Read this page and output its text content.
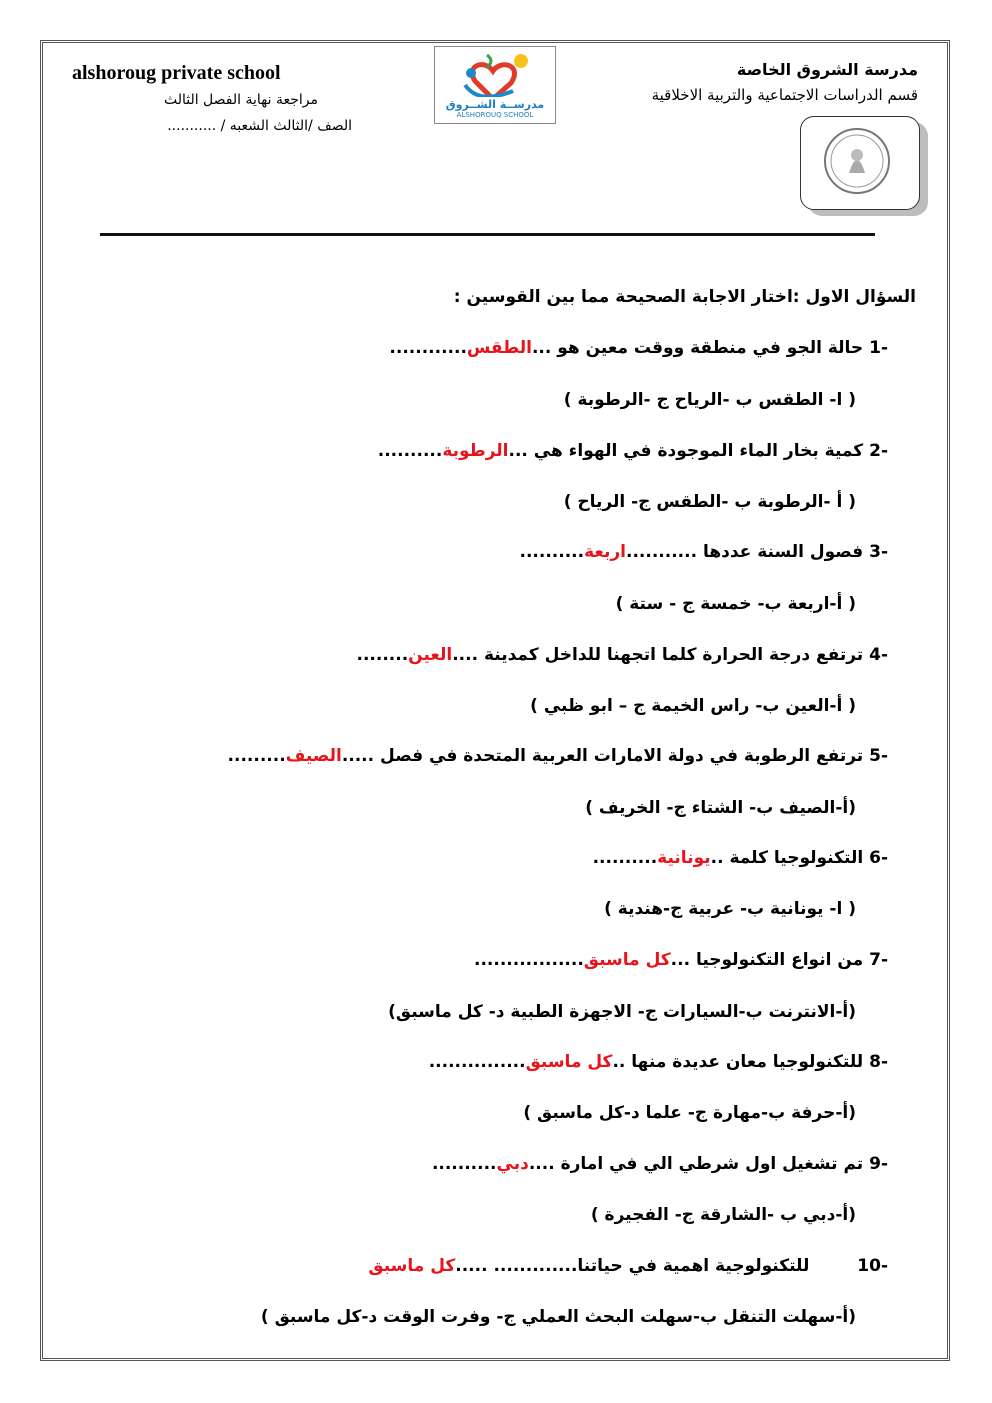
مدرسة الشروق الخاصة
قسم الدراسات الاجتماعية والتربية الاخلاقية
alshoroug private school
مراجعة نهاية الفصل الثالث
الصف /الثالث الشعبه / ...........
مدرســة الشــروق
ALSHOROUQ SCHOOL
السؤال الاول :اختار الاجابة الصحيحة مما بين القوسين :
-1 حالة الجو في منطقة ووقت معين هو ...الطقس............
( ا- الطقس ب -الرياح ج -الرطوبة )
-2 كمية بخار الماء الموجودة في الهواء هي ...الرطوبة..........
( أ -الرطوبة ب -الطقس ج- الرياح )
-3 فصول السنة عددها ...........اربعة..........
( أ-اربعة ب- خمسة ج - ستة )
-4 ترتفع درجة الحرارة كلما اتجهنا للداخل كمدينة ....العين........
( أ-العين ب- راس الخيمة ج – ابو ظبي )
-5 ترتفع الرطوبة في دولة الامارات العربية المتحدة في فصل .....الصيف.........
(أ-الصيف ب- الشتاء ج- الخريف )
-6 التكنولوجيا كلمة ..يونانية..........
( ا- يونانية ب- عربية ج-هندية )
-7 من انواع التكنولوجيا ...كل ماسبق.................
(أ-الانترنت ب-السيارات ج- الاجهزة الطبية د- كل ماسبق)
-8 للتكنولوجيا معان عديدة منها ..كل ماسبق...............
(أ-حرفة ب-مهارة ج- علما د-كل ماسبق )
-9 تم تشغيل اول شرطي الي في امارة ....دبي..........
(أ-دبي ب -الشارقة ج- الفجيرة )
-10 للتكنولوجية اهمية في حياتنا............. .....كل ماسبق
(أ-سهلت التنقل ب-سهلت البحث العملي ج- وفرت الوقت د-كل ماسبق )
